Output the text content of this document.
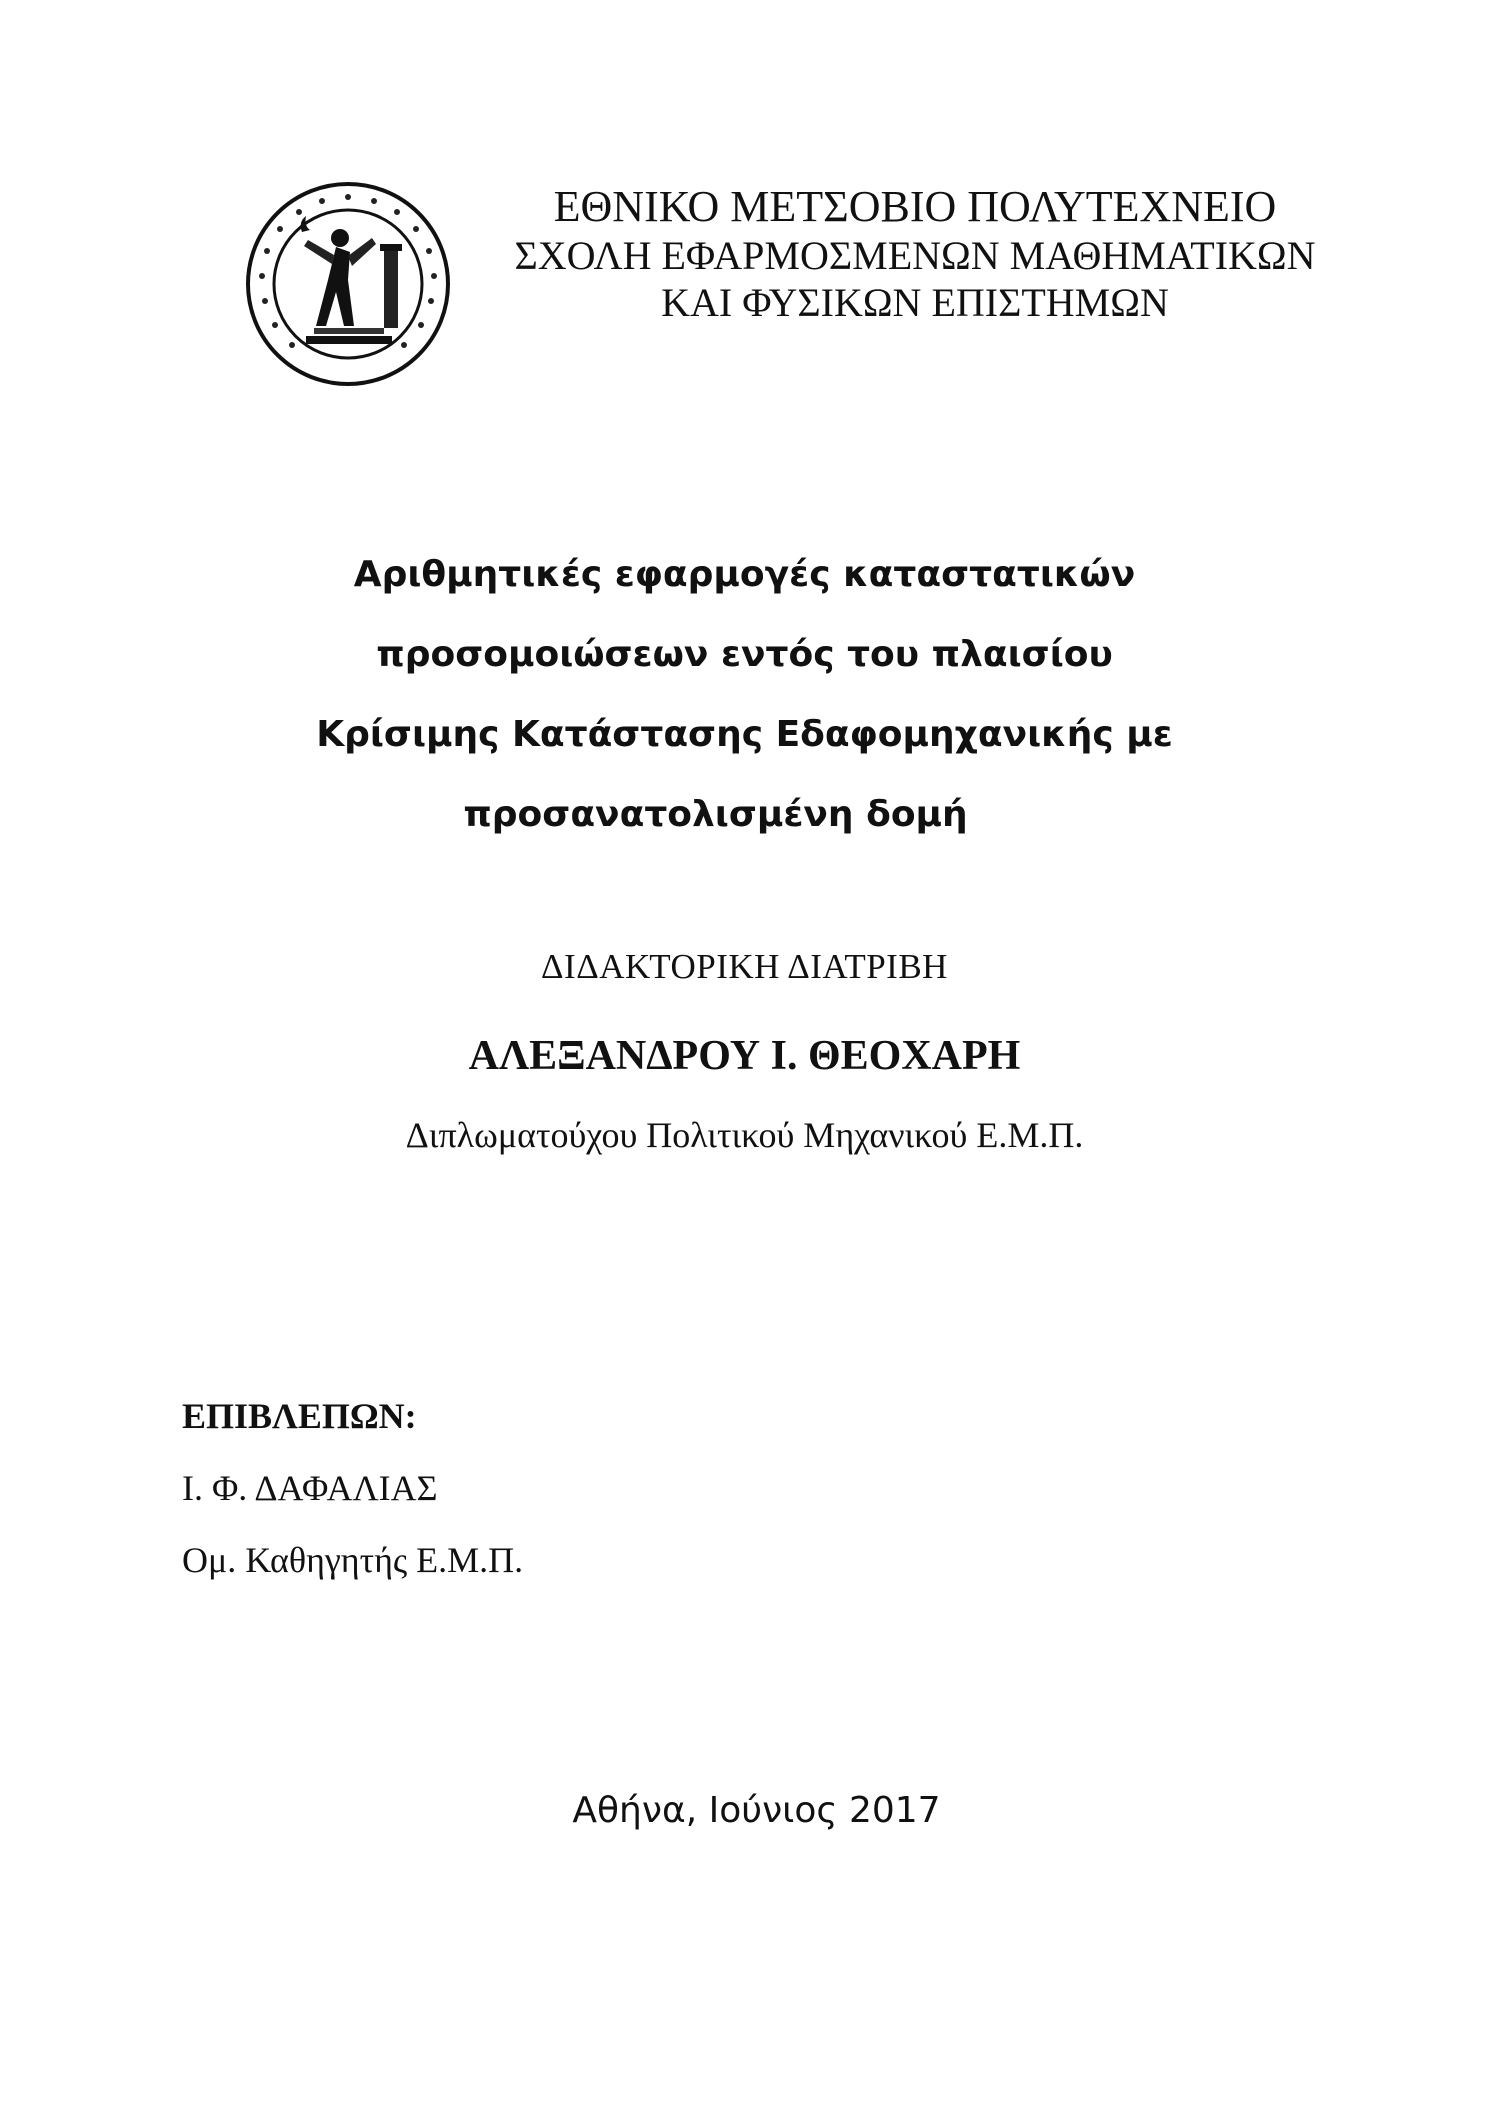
ΕΘΝΙΚΟ ΜΕΤΣΟΒΙΟ ΠΟΛΥΤΕΧΝΕΙΟ
ΣΧΟΛΗ ΕΦΑΡΜΟΣΜΕΝΩΝ ΜΑΘΗΜΑΤΙΚΩΝ
ΚΑΙ ΦΥΣΙΚΩΝ ΕΠΙΣΤΗΜΩΝ
Αριθμητικές εφαρμογές καταστατικών
προσομοιώσεων εντός του πλαισίου
Κρίσιμης Κατάστασης Εδαφομηχανικής με
προσανατολισμένη δομή
ΔΙΔΑΚΤΟΡΙΚΗ ΔΙΑΤΡΙΒΗ
ΑΛΕΞΑΝΔΡΟΥ Ι. ΘΕΟΧΑΡΗ
Διπλωματούχου Πολιτικού Μηχανικού Ε.Μ.Π.
ΕΠΙΒΛΕΠΩΝ:
Ι. Φ. ΔΑΦΑΛΙΑΣ
Ομ. Καθηγητής Ε.Μ.Π.
Αθήνα, Ιούνιος 2017
